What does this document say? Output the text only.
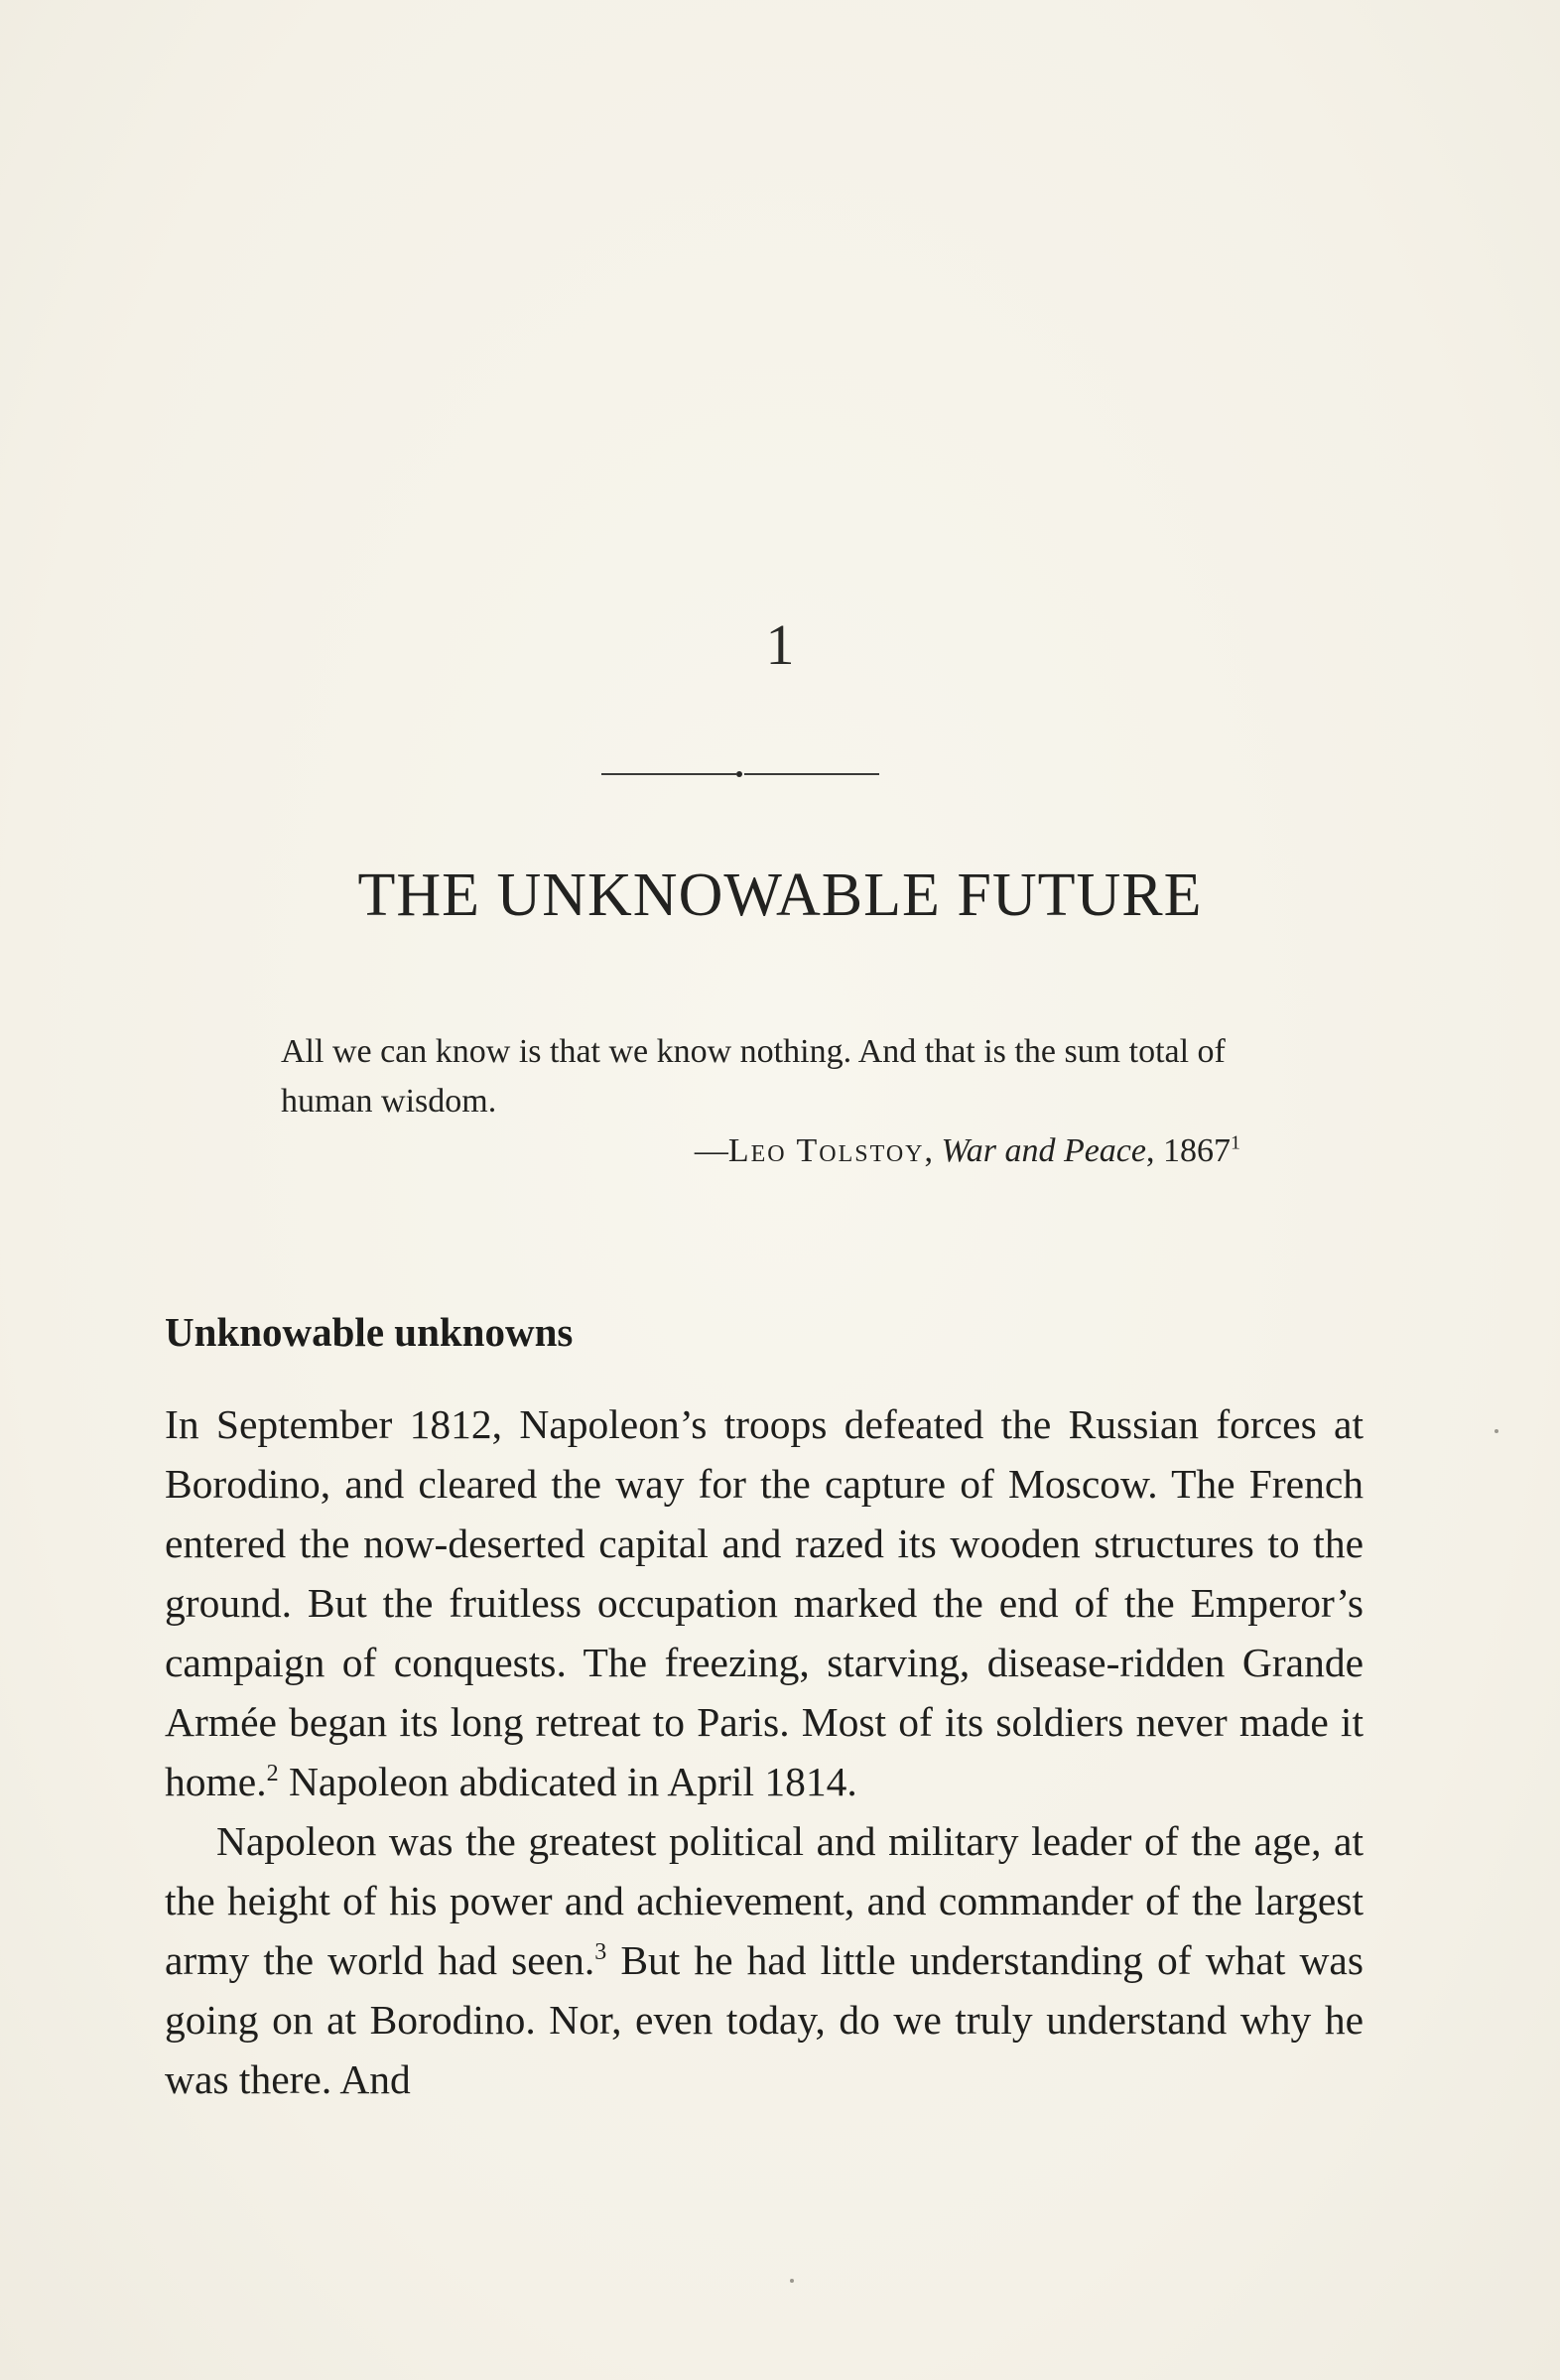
1
THE UNKNOWABLE FUTURE
All we can know is that we know nothing. And that is the sum total of human wisdom.
—Leo Tolstoy, War and Peace, 1867$^1$
Unknowable unknowns

In September 1812, Napoleon’s troops defeated the Russian forces at Borodino, and cleared the way for the capture of Moscow. The French entered the now-deserted capital and razed its wooden structures to the ground. But the fruitless occupation marked the end of the Emperor’s campaign of conquests. The freezing, starving, disease-ridden Grande Armée began its long retreat to Paris. Most of its soldiers never made it home.$^2$ Napoleon abdicated in April 1814.

Napoleon was the greatest political and military leader of the age, at the height of his power and achievement, and commander of the largest army the world had seen.$^3$ But he had little understanding of what was going on at Borodino. Nor, even today, do we truly understand why he was there. And
